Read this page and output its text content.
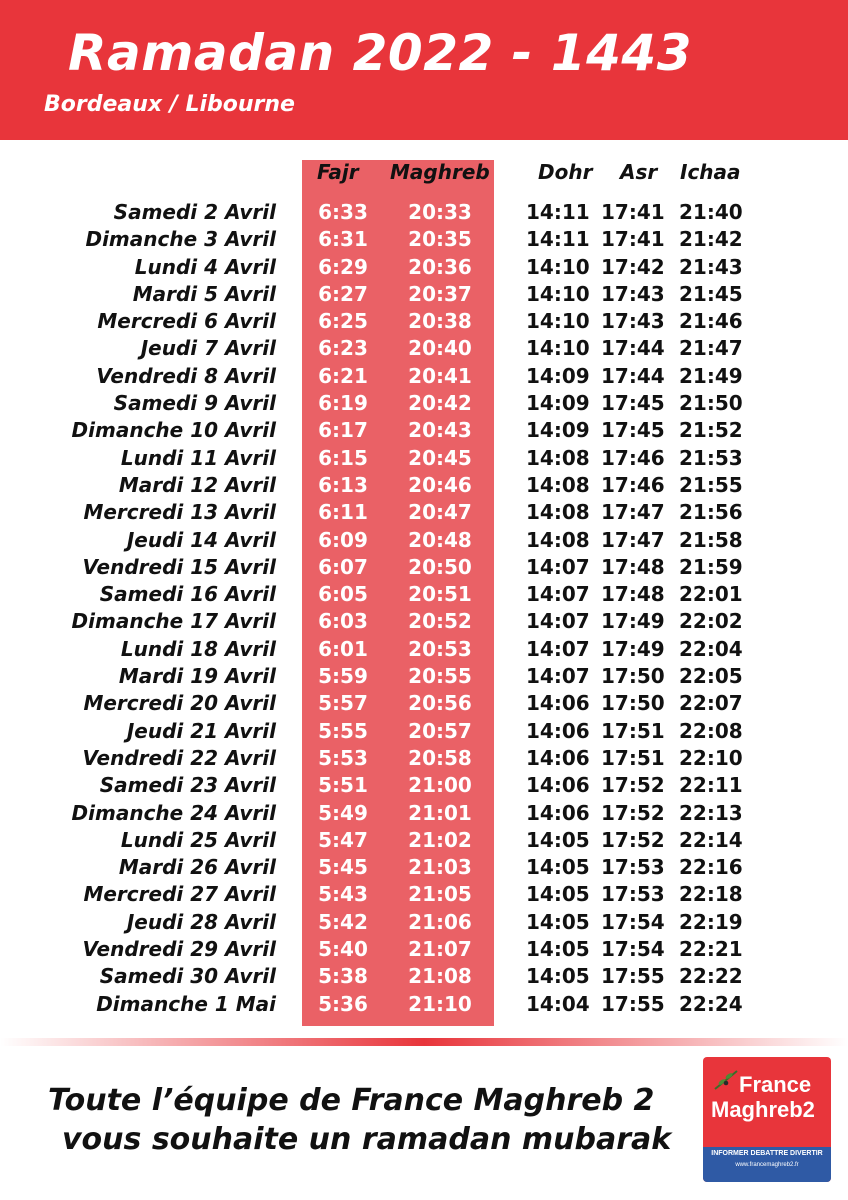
Ramadan 2022 - 1443
Bordeaux / Libourne
Fajr Maghreb Dohr Asr Ichaa
Samedi 2 Avril	6:33	20:33	14:11 17:41 21:40
Dimanche 3 Avril	6:31	20:35	14:11 17:41 21:42
Lundi 4 Avril	6:29	20:36	14:10 17:42 21:43
Mardi 5 Avril	6:27	20:37	14:10 17:43 21:45
Mercredi 6 Avril	6:25	20:38	14:10 17:43 21:46
Jeudi 7 Avril	6:23	20:40	14:10 17:44 21:47
Vendredi 8 Avril	6:21	20:41	14:09 17:44 21:49
Samedi 9 Avril	6:19	20:42	14:09 17:45 21:50
Dimanche 10 Avril	6:17	20:43	14:09 17:45 21:52
Lundi 11 Avril	6:15	20:45	14:08 17:46 21:53
Mardi 12 Avril	6:13	20:46	14:08 17:46 21:55
Mercredi 13 Avril	6:11	20:47	14:08 17:47 21:56
Jeudi 14 Avril	6:09	20:48	14:08 17:47 21:58
Vendredi 15 Avril	6:07	20:50	14:07 17:48 21:59
Samedi 16 Avril	6:05	20:51	14:07 17:48 22:01
Dimanche 17 Avril	6:03	20:52	14:07 17:49 22:02
Lundi 18 Avril	6:01	20:53	14:07 17:49 22:04
Mardi 19 Avril	5:59	20:55	14:07 17:50 22:05
Mercredi 20 Avril	5:57	20:56	14:06 17:50 22:07
Jeudi 21 Avril	5:55	20:57	14:06 17:51 22:08
Vendredi 22 Avril	5:53	20:58	14:06 17:51 22:10
Samedi 23 Avril	5:51	21:00	14:06 17:52 22:11
Dimanche 24 Avril	5:49	21:01	14:06 17:52 22:13
Lundi 25 Avril	5:47	21:02	14:05 17:52 22:14
Mardi 26 Avril	5:45	21:03	14:05 17:53 22:16
Mercredi 27 Avril	5:43	21:05	14:05 17:53 22:18
Jeudi 28 Avril	5:42	21:06	14:05 17:54 22:19
Vendredi 29 Avril	5:40	21:07	14:05 17:54 22:21
Samedi 30 Avril	5:38	21:08	14:05 17:55 22:22
Dimanche 1 Mai	5:36	21:10	14:04 17:55 22:24
Toute l’équipe de France Maghreb 2
vous souhaite un ramadan mubarak
France
Maghreb2
INFORMER DEBATTRE DIVERTIR
www.francemaghreb2.fr
